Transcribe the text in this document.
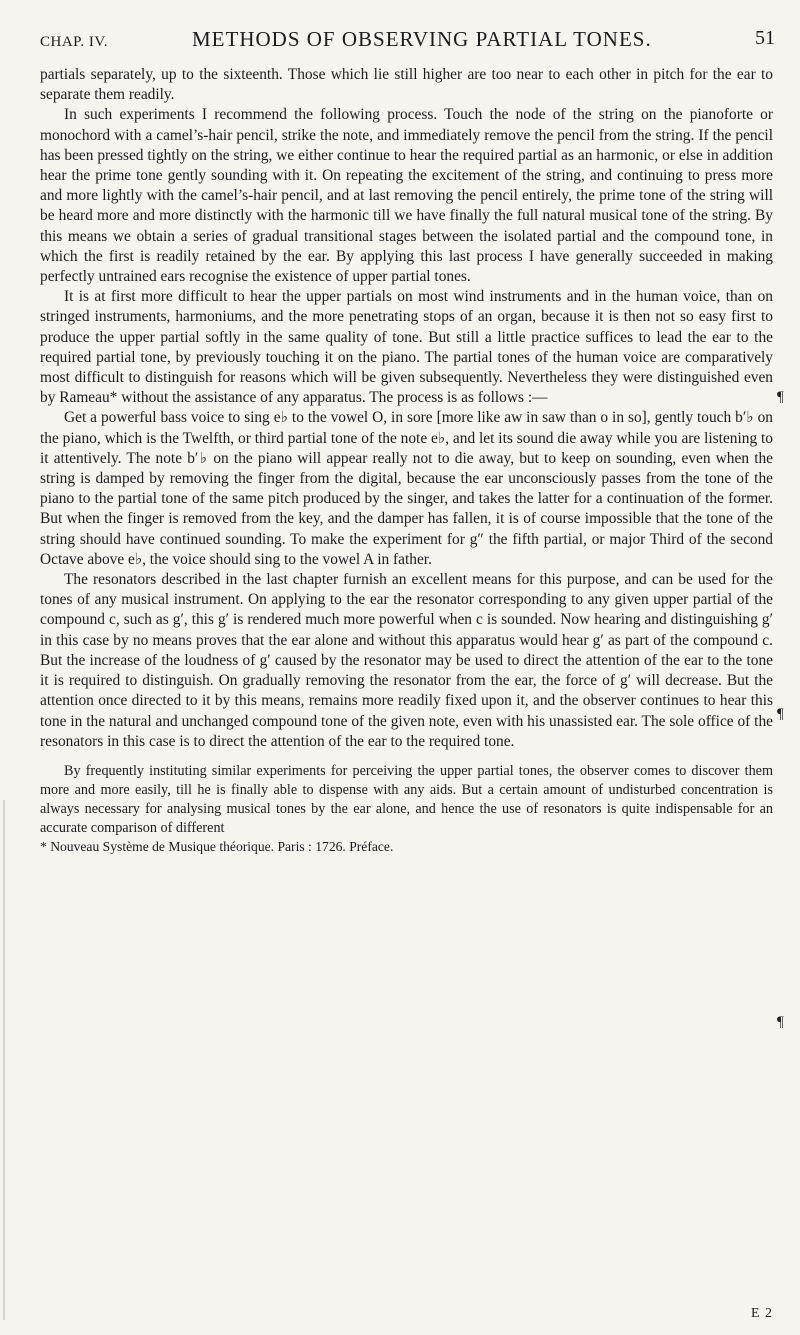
CHAP. IV.	METHODS OF OBSERVING PARTIAL TONES.	51

partials separately, up to the sixteenth. Those which lie still higher are too near to each other in pitch for the ear to separate them readily.

In such experiments I recommend the following process. Touch the node of the string on the pianoforte or monochord with a camel’s-hair pencil, strike the note, and immediately remove the pencil from the string. If the pencil has been pressed tightly on the string, we either continue to hear the required partial as an harmonic, or else in addition hear the prime tone gently sounding with it. On repeating the excitement of the string, and continuing to press more and more lightly with the camel’s-hair pencil, and at last removing the pencil entirely, the prime tone of the string will be heard more and more distinctly with the harmonic till we have finally the full natural musical tone of the string. By this means we obtain a series of gradual transitional stages between the isolated partial and the compound tone, in which the first is readily retained by the ear. By applying this last process I have generally succeeded in making perfectly untrained ears recognise the existence of upper partial tones.

It is at first more difficult to hear the upper partials on most wind instruments and in the human voice, than on stringed instruments, harmoniums, and the more penetrating stops of an organ, because it is then not so easy first to produce the upper partial softly in the same quality of tone. But still a little practice suffices to lead the ear to the required partial tone, by previously touching it on the piano. The partial tones of the human voice are comparatively most difficult to distinguish for reasons which will be given subsequently. Nevertheless they were distinguished even by Rameau* without the assistance of any apparatus. The process is as follows :—

Get a powerful bass voice to sing e♭ to the vowel O, in sore [more like aw in saw than o in so], gently touch b′♭ on the piano, which is the Twelfth, or third partial tone of the note e♭, and let its sound die away while you are listening to it attentively. The note b′♭ on the piano will appear really not to die away, but to keep on sounding, even when the string is damped by removing the finger from the digital, because the ear unconsciously passes from the tone of the piano to the partial tone of the same pitch produced by the singer, and takes the latter for a continuation of the former. But when the finger is removed from the key, and the damper has fallen, it is of course impossible that the tone of the string should have continued sounding. To make the experiment for g″ the fifth partial, or major Third of the second Octave above e♭, the voice should sing to the vowel A in father.

The resonators described in the last chapter furnish an excellent means for this purpose, and can be used for the tones of any musical instrument. On applying to the ear the resonator corresponding to any given upper partial of the compound c, such as g′, this g′ is rendered much more powerful when c is sounded. Now hearing and distinguishing g′ in this case by no means proves that the ear alone and without this apparatus would hear g′ as part of the compound c. But the increase of the loudness of g′ caused by the resonator may be used to direct the attention of the ear to the tone it is required to distinguish. On gradually removing the resonator from the ear, the force of g′ will decrease. But the attention once directed to it by this means, remains more readily fixed upon it, and the observer continues to hear this tone in the natural and unchanged compound tone of the given note, even with his unassisted ear. The sole office of the resonators in this case is to direct the attention of the ear to the required tone.

By frequently instituting similar experiments for perceiving the upper partial tones, the observer comes to discover them more and more easily, till he is finally able to dispense with any aids. But a certain amount of undisturbed concentration is always necessary for analysing musical tones by the ear alone, and hence the use of resonators is quite indispensable for an accurate comparison of different

* Nouveau Système de Musique théorique. Paris : 1726. Préface.

¶
¶
¶
E 2
